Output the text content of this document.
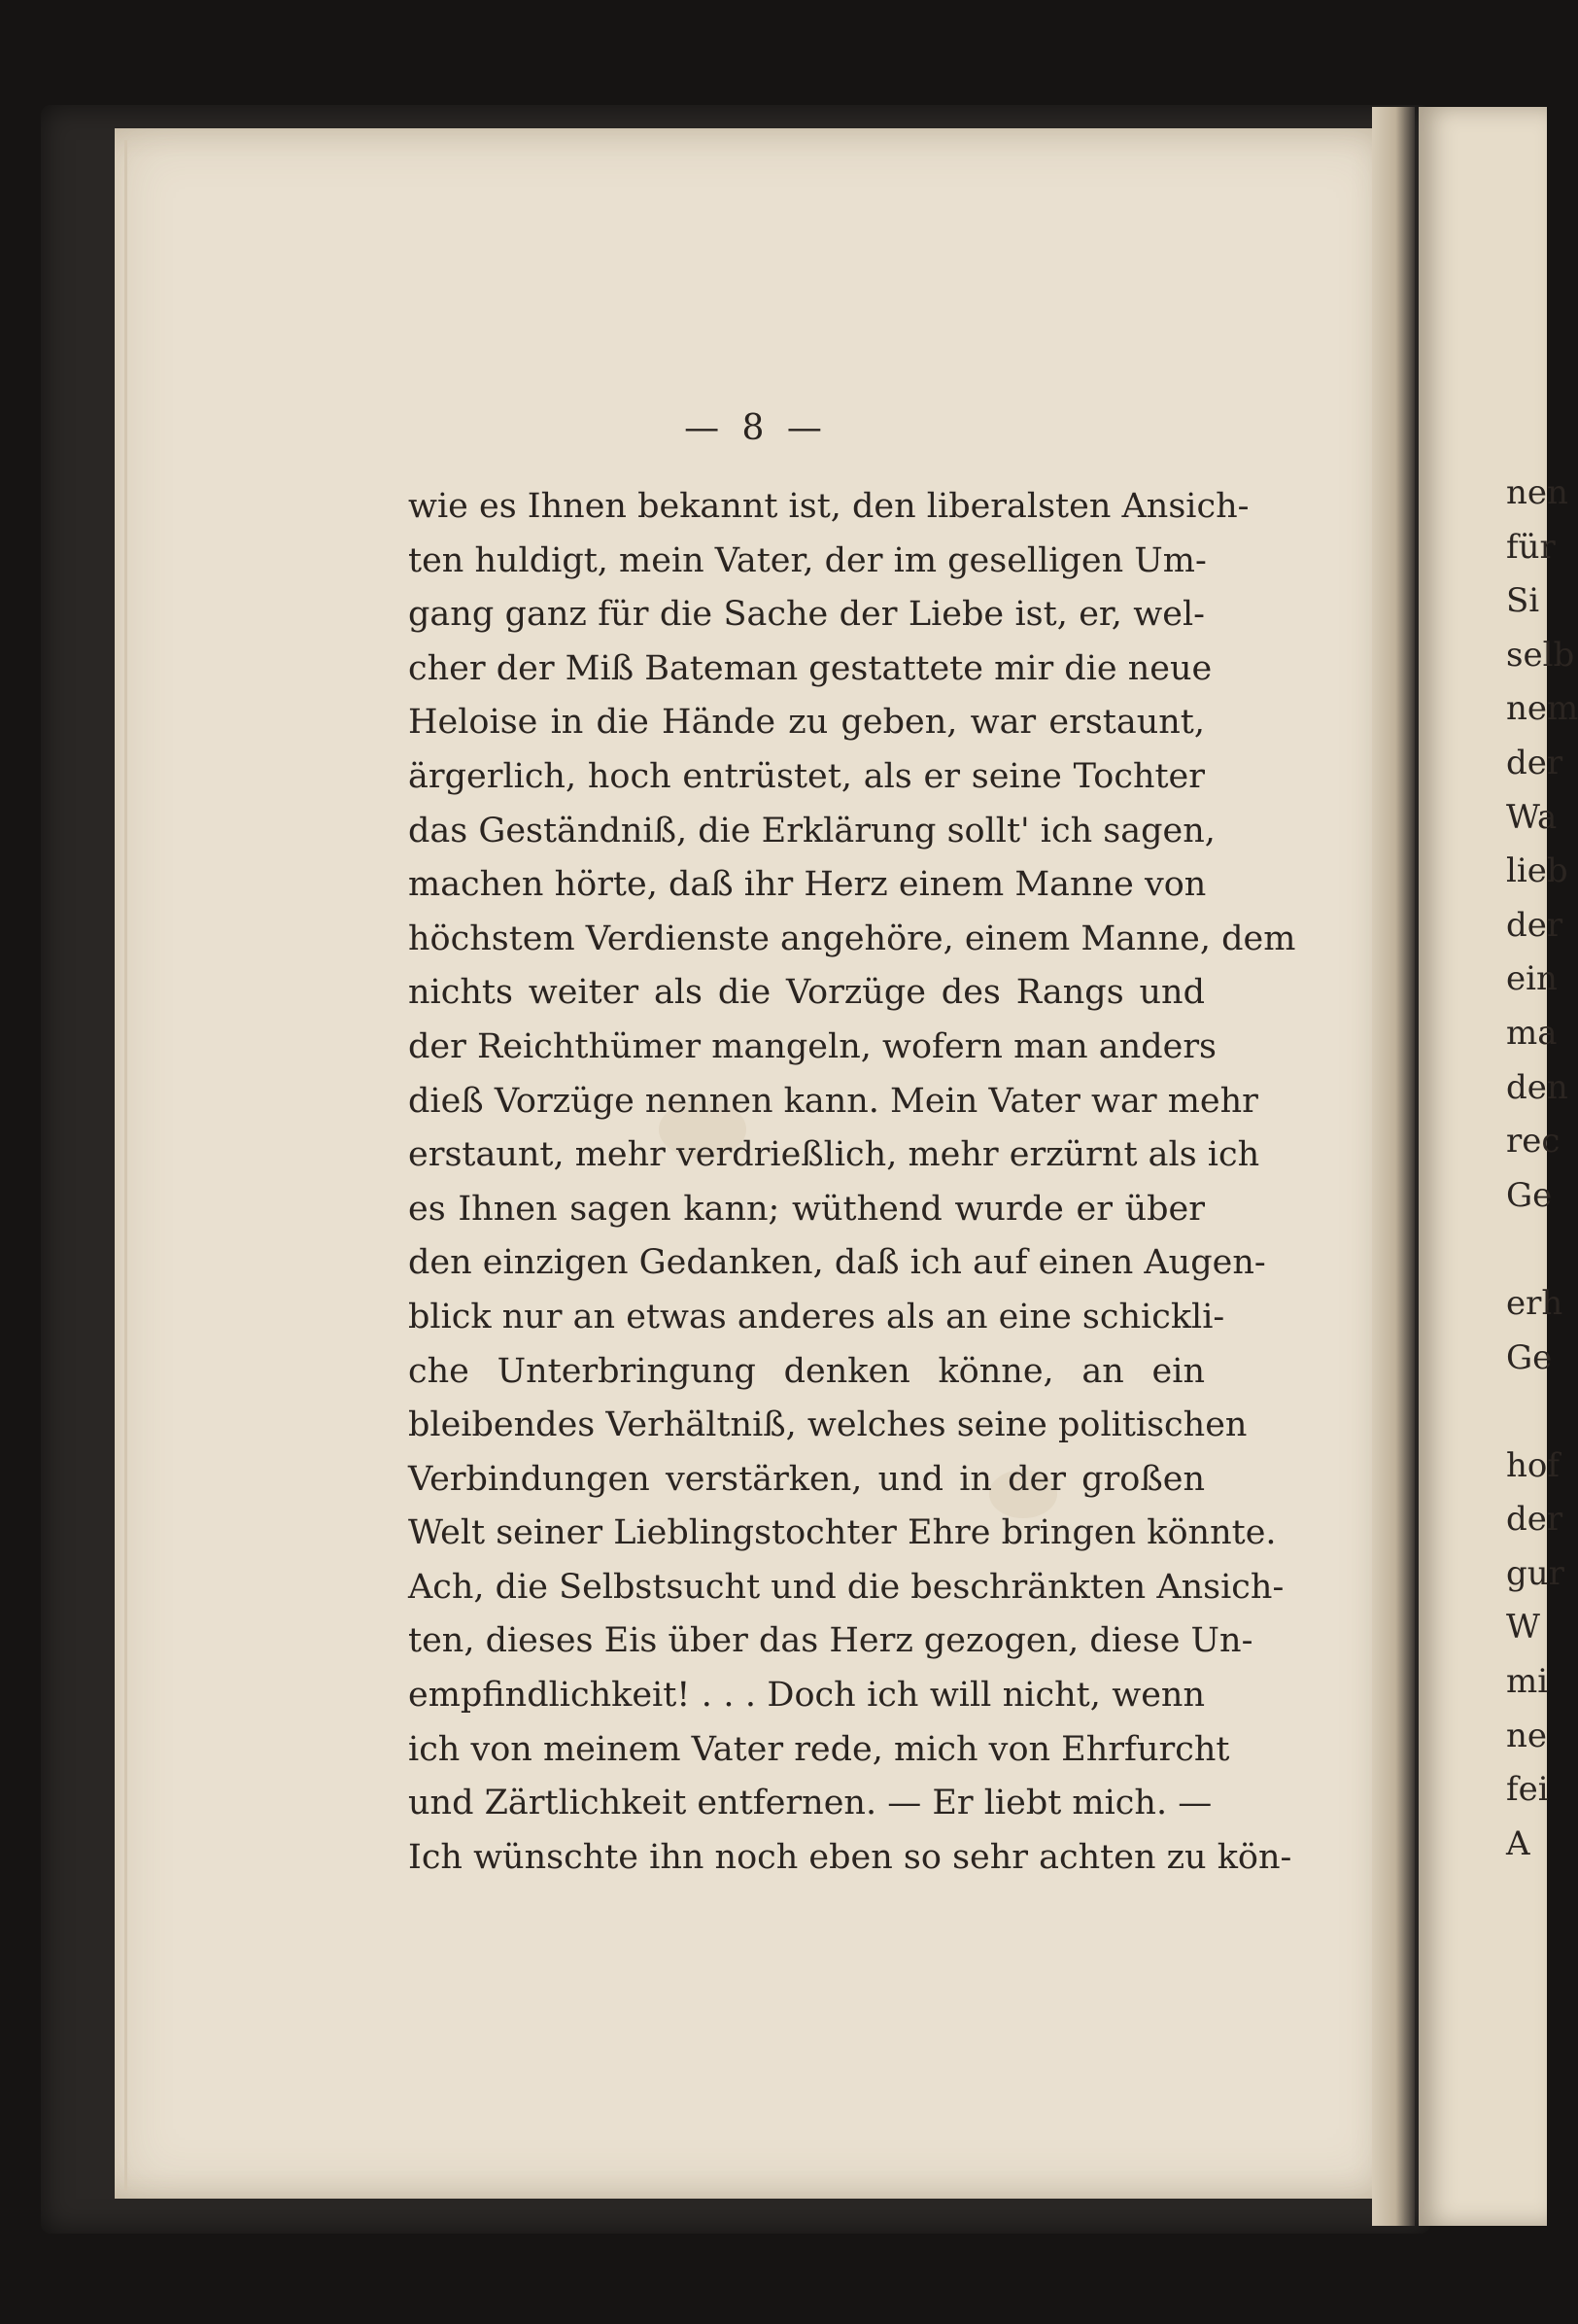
nen
für
Si
selb
nem
der
Wa
lieb
der
ein
ma
den
rec
Ge
erh
Ge
hof
der
gur
W
mi
ne
fei
A
— 8 —
wie es Ihnen bekannt ist, den liberalsten Ansich-
ten huldigt, mein Vater, der im geselligen Um-
gang ganz für die Sache der Liebe ist, er, wel-
cher der Miß Bateman gestattete mir die neue
Heloise in die Hände zu geben, war erstaunt,
ärgerlich, hoch entrüstet, als er seine Tochter
das Geständniß, die Erklärung sollt' ich sagen,
machen hörte, daß ihr Herz einem Manne von
höchstem Verdienste angehöre, einem Manne, dem
nichts weiter als die Vorzüge des Rangs und
der Reichthümer mangeln, wofern man anders
dieß Vorzüge nennen kann. Mein Vater war mehr
erstaunt, mehr verdrießlich, mehr erzürnt als ich
es Ihnen sagen kann; wüthend wurde er über
den einzigen Gedanken, daß ich auf einen Augen-
blick nur an etwas anderes als an eine schickli-
che Unterbringung denken könne, an ein
bleibendes Verhältniß, welches seine politischen
Verbindungen verstärken, und in der großen
Welt seiner Lieblingstochter Ehre bringen könnte.
Ach, die Selbstsucht und die beschränkten Ansich-
ten, dieses Eis über das Herz gezogen, diese Un-
empfindlichkeit! . . . Doch ich will nicht, wenn
ich von meinem Vater rede, mich von Ehrfurcht
und Zärtlichkeit entfernen. — Er liebt mich. —
Ich wünschte ihn noch eben so sehr achten zu kön-
